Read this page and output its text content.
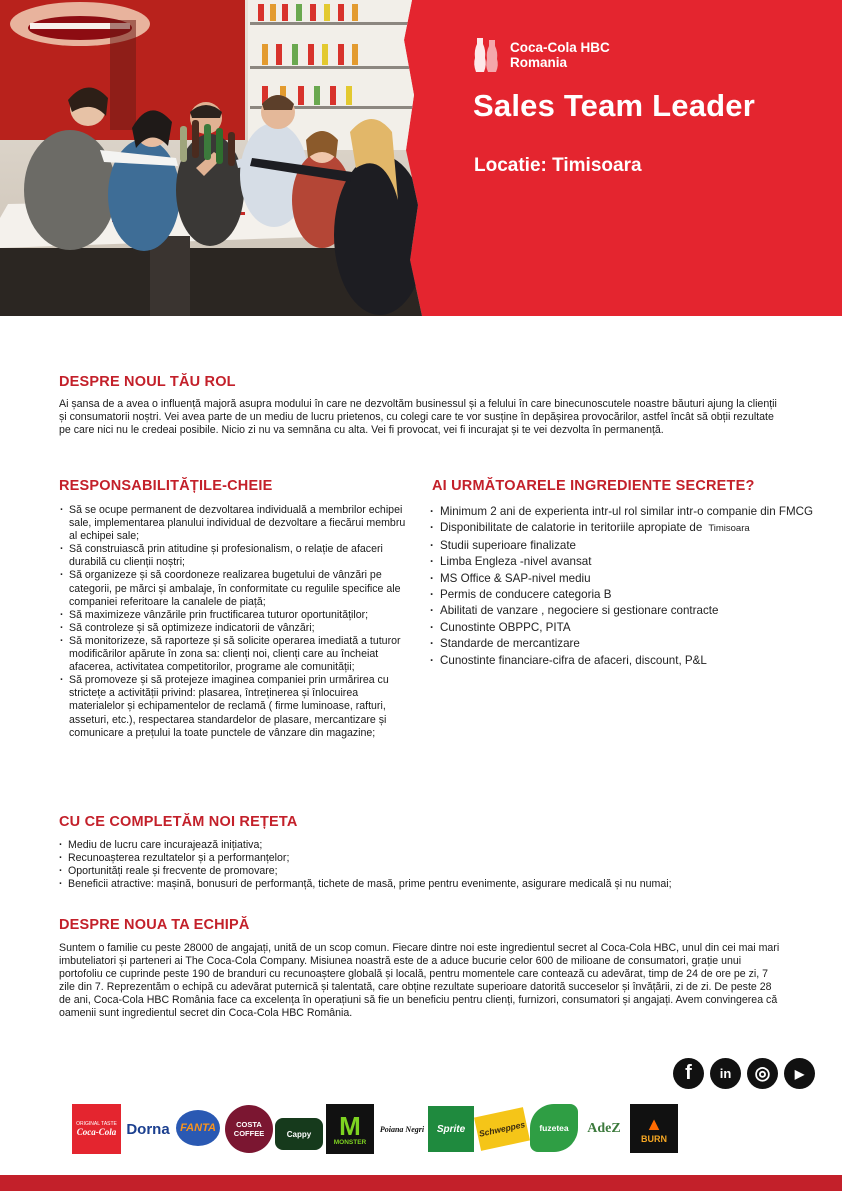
Coca-Cola HBC
Romania
Sales Team Leader
Locatie: Timisoara
DESPRE NOUL TĂU ROL

Ai șansa de a avea o influență majoră asupra modului în care ne dezvoltăm businessul și a felului în care binecunoscutele noastre băuturi ajung la clienții și consumatorii noștri. Vei avea parte de un mediu de lucru prietenos, cu colegi care te vor susține în depășirea provocărilor, astfel încât să obții rezultate pe care nici nu le credeai posibile. Nicio zi nu va semnăna cu alta. Vei fi provocat, vei fi incurajat și te vei dezvolta în permanență.

RESPONSABILITĂȚILE-CHEIE
· Să se ocupe permanent de dezvoltarea individuală a membrilor echipei sale, implementarea planului individual de dezvoltare a fiecărui membru al echipei sale;
· Să construiască prin atitudine și profesionalism, o relație de afaceri durabilă cu clienții noștri;
· Să organizeze și să coordoneze realizarea bugetului de vânzări pe categorii, pe mărci și ambalaje, în conformitate cu regulile specifice ale companiei referitoare la canalele de piață;
· Să maximizeze vânzările prin fructificarea tuturor oportunităților;
· Să controleze și să optimizeze indicatorii de vânzări;
· Să monitorizeze, să raporteze și să solicite operarea imediată a tuturor modificărilor apărute în zona sa: clienți noi, clienți care au încheiat afacerea, activitatea competitorilor, programe ale comunității;
· Să promoveze și să protejeze imaginea companiei prin urmărirea cu strictețe a activității privind: plasarea, întreținerea și înlocuirea materialelor și echipamentelor de reclamă ( firme luminoase, rafturi, asseturi, etc.), respectarea standardelor de plasare, mercantizare și comunicare a prețului la toate punctele de vânzare din magazine;
AI URMĂTOARELE INGREDIENTE SECRETE?
· Minimum 2 ani de experienta intr-ul rol similar intr-o companie din FMCG
· Disponibilitate de calatorie in teritoriile apropiate de Timisoara
· Studii superioare finalizate
· Limba Engleza -nivel avansat
· MS Office & SAP-nivel mediu
· Permis de conducere categoria B
· Abilitati de vanzare , negociere si gestionare contracte
· Cunostinte OBPPC, PITA
· Standarde de mercantizare
· Cunostinte financiare-cifra de afaceri, discount, P&L
CU CE COMPLETĂM NOI REȚETA
· Mediu de lucru care incurajează inițiativa;
· Recunoașterea rezultatelor și a performanțelor;
· Oportunități reale și frecvente de promovare;
· Beneficii atractive: mașină, bonusuri de performanță, tichete de masă, prime pentru evenimente, asigurare medicală și nu numai;
DESPRE NOUA TA ECHIPĂ

Suntem o familie cu peste 28000 de angajați, unită de un scop comun. Fiecare dintre noi este ingredientul secret al Coca-Cola HBC, unul din cei mai mari imbuteliatori și parteneri ai The Coca-Cola Company. Misiunea noastră este de a aduce bucurie celor 600 de milioane de consumatori, grație unui portofoliu ce cuprinde peste 190 de branduri cu recunoaștere globală și locală, pentru momentele care contează cu adevărat, timp de 24 de ore pe zi, 7 zile din 7. Reprezentăm o echipă cu adevărat puternică și talentată, care obține rezultate superioare datorită succeselor și învățării, zi de zi. De peste 28 de ani, Coca-Cola HBC România face ca excelența în operațiuni să fie un beneficiu pentru clienți, furnizori, consumatori și angajați. Avem convingerea că oamenii sunt ingredientul secret din Coca-Cola HBC România.

f	in	◎	▶
ORIGINAL TASTE
Coca-Cola Dorna FANTA	COSTA COFFEE	Cappy M
MONSTER
Poiana Negri Sprite Schweppes fuzetea AdeZ ▲
BURN
